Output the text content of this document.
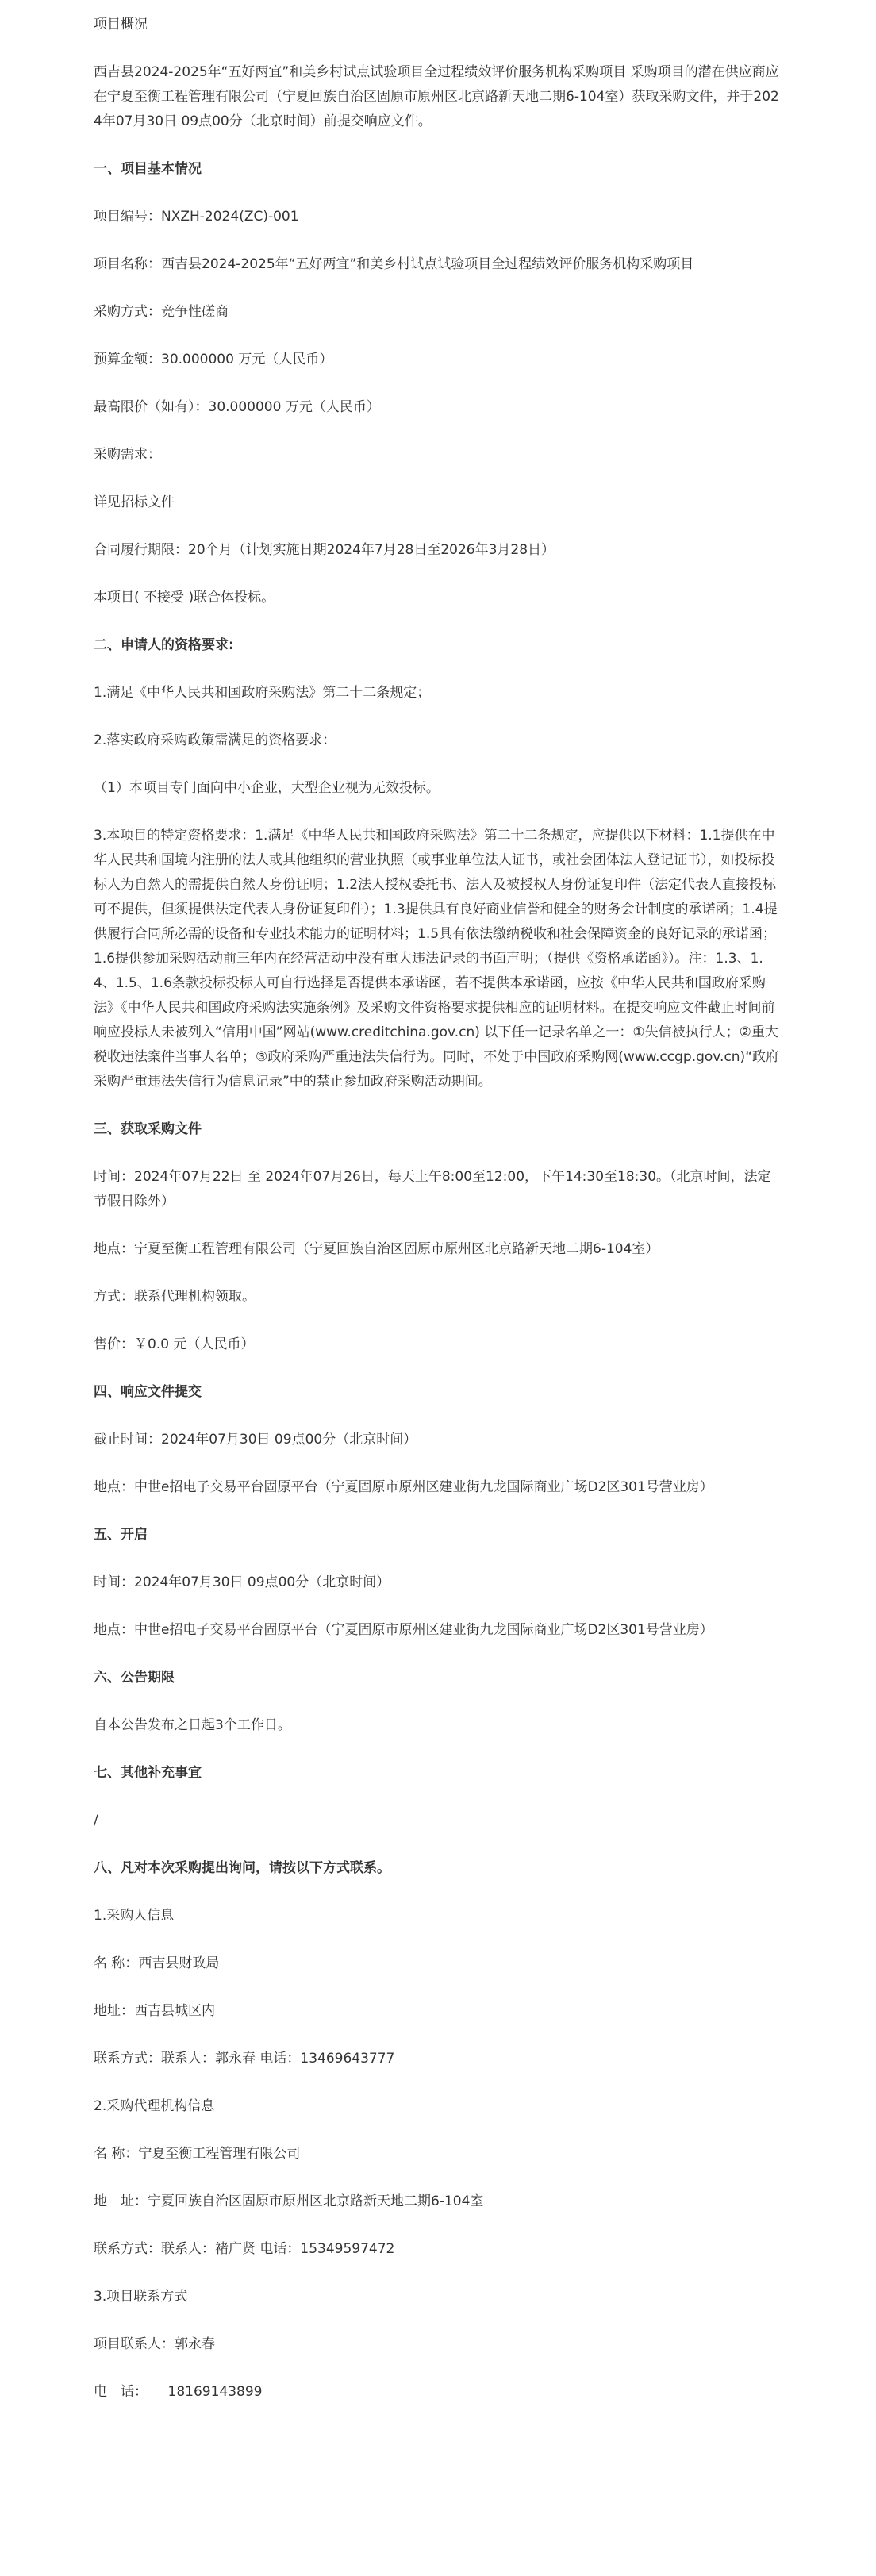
项目概况

西吉县2024-2025年“五好两宜”和美乡村试点试验项目全过程绩效评价服务机构采购项目 采购项目的潜在供应商应在宁夏至衡工程管理有限公司（宁夏回族自治区固原市原州区北京路新天地二期6-104室）获取采购文件，并于2024年07月30日 09点00分（北京时间）前提交响应文件。

一、项目基本情况

项目编号：NXZH-2024(ZC)-001

项目名称：西吉县2024-2025年“五好两宜”和美乡村试点试验项目全过程绩效评价服务机构采购项目

采购方式：竞争性磋商

预算金额：30.000000 万元（人民币）

最高限价（如有）：30.000000 万元（人民币）

采购需求：

详见招标文件

合同履行期限：20个月（计划实施日期2024年7月28日至2026年3月28日）

本项目( 不接受 )联合体投标。

二、申请人的资格要求:

1.满足《中华人民共和国政府采购法》第二十二条规定；

2.落实政府采购政策需满足的资格要求：

（1）本项目专门面向中小企业，大型企业视为无效投标。

3.本项目的特定资格要求：1.满足《中华人民共和国政府采购法》第二十二条规定，应提供以下材料：1.1提供在中华人民共和国境内注册的法人或其他组织的营业执照（或事业单位法人证书，或社会团体法人登记证书），如投标投标人为自然人的需提供自然人身份证明；1.2法人授权委托书、法人及被授权人身份证复印件（法定代表人直接投标可不提供，但须提供法定代表人身份证复印件）；1.3提供具有良好商业信誉和健全的财务会计制度的承诺函；1.4提供履行合同所必需的设备和专业技术能力的证明材料；1.5具有依法缴纳税收和社会保障资金的良好记录的承诺函；1.6提供参加采购活动前三年内在经营活动中没有重大违法记录的书面声明；（提供《资格承诺函》）。注：1.3、1.4、1.5、1.6条款投标投标人可自行选择是否提供本承诺函，若不提供本承诺函，应按《中华人民共和国政府采购法》《中华人民共和国政府采购法实施条例》及采购文件资格要求提供相应的证明材料。在提交响应文件截止时间前响应投标人未被列入“信用中国”网站(www.creditchina.gov.cn) 以下任一记录名单之一：①失信被执行人；②重大税收违法案件当事人名单；③政府采购严重违法失信行为。同时，不处于中国政府采购网(www.ccgp.gov.cn)“政府采购严重违法失信行为信息记录”中的禁止参加政府采购活动期间。

三、获取采购文件

时间：2024年07月22日 至 2024年07月26日，每天上午8:00至12:00，下午14:30至18:30。（北京时间，法定节假日除外）

地点：宁夏至衡工程管理有限公司（宁夏回族自治区固原市原州区北京路新天地二期6-104室）

方式：联系代理机构领取。

售价：￥0.0 元（人民币）

四、响应文件提交

截止时间：2024年07月30日 09点00分（北京时间）

地点：中世e招电子交易平台固原平台（宁夏固原市原州区建业街九龙国际商业广场D2区301号营业房）

五、开启

时间：2024年07月30日 09点00分（北京时间）

地点：中世e招电子交易平台固原平台（宁夏固原市原州区建业街九龙国际商业广场D2区301号营业房）

六、公告期限

自本公告发布之日起3个工作日。

七、其他补充事宜

/

八、凡对本次采购提出询问，请按以下方式联系。

1.采购人信息

名 称：西吉县财政局

地址：西吉县城区内

联系方式：联系人：郭永春 电话：13469643777

2.采购代理机构信息

名 称：宁夏至衡工程管理有限公司

地　址：宁夏回族自治区固原市原州区北京路新天地二期6-104室

联系方式：联系人：褚广贤 电话：15349597472

3.项目联系方式

项目联系人：郭永春

电　话：　　18169143899
